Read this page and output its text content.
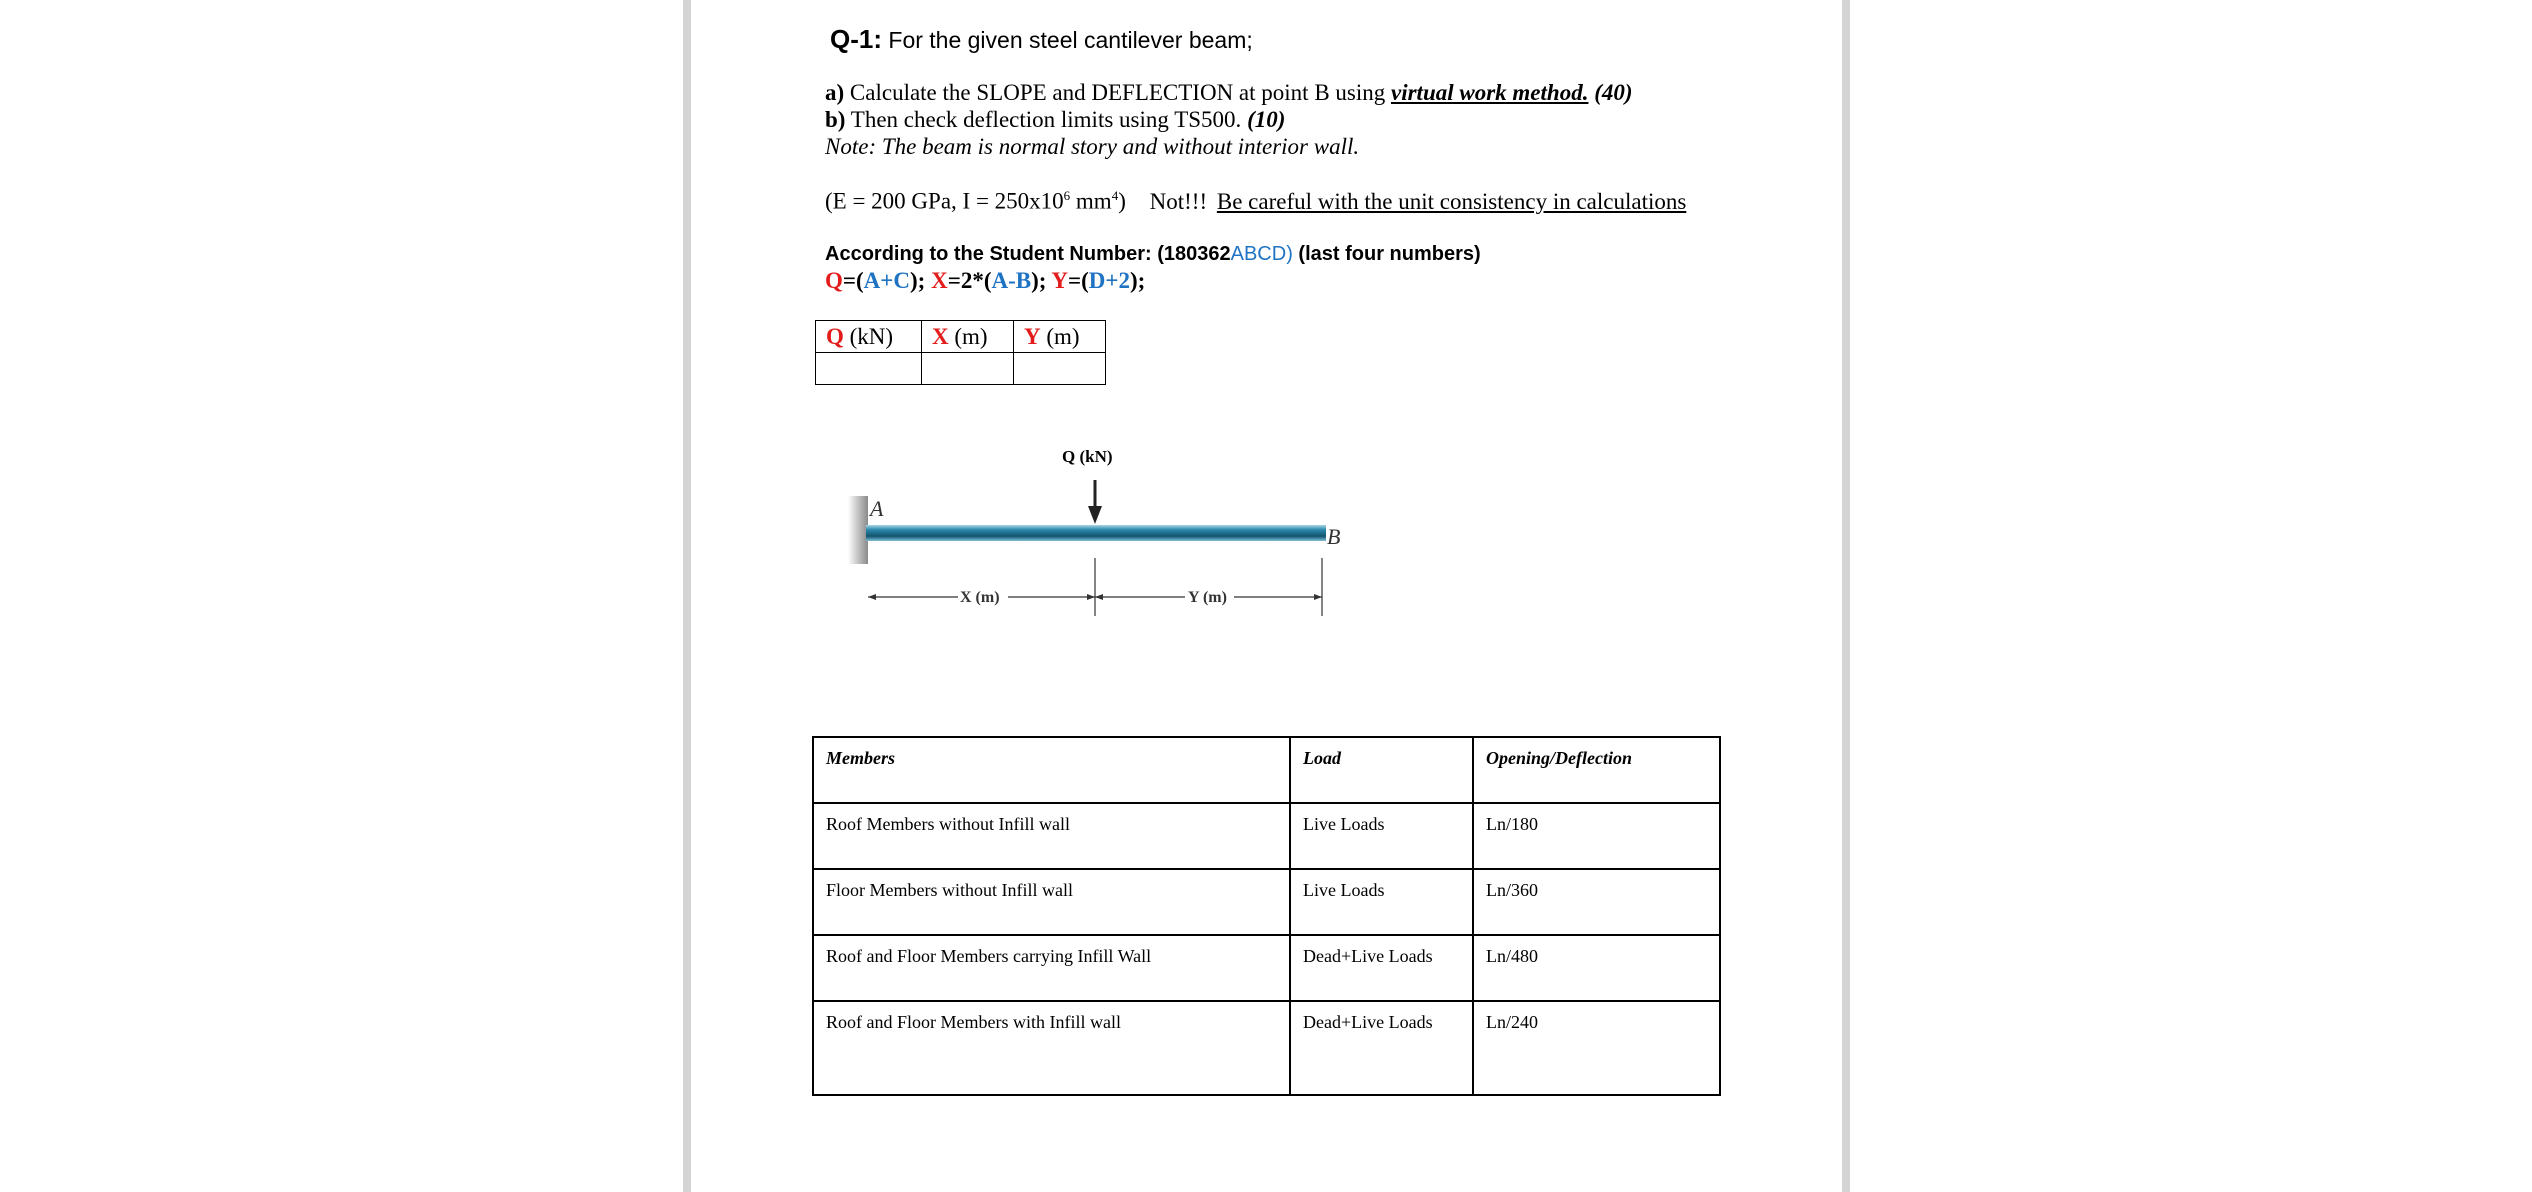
Q-1: For the given steel cantilever beam;
a) Calculate the SLOPE and DEFLECTION at point B using virtual work method. (40)
b) Then check deflection limits using TS500. (10)
Note: The beam is normal story and without interior wall.
(E = 200 GPa, $I = 250x10^6$ $mm^4$) Not!!! Be careful with the unit consistency in calculations
According to the Student Number: (180362ABCD) (last four numbers)
Q=(A+C); X=2*(A-B); Y=(D+2);
Q (kN)	X (m)	Y (m)

Q (kN)
A
B
X (m)	Y (m)
Members	Load	Opening/Deflection
Roof Members without Infill wall	Live Loads	Ln/180
Floor Members without Infill wall	Live Loads	Ln/360
Roof and Floor Members carrying Infill Wall	Dead+Live Loads	Ln/480
Roof and Floor Members with Infill wall	Dead+Live Loads	Ln/240
